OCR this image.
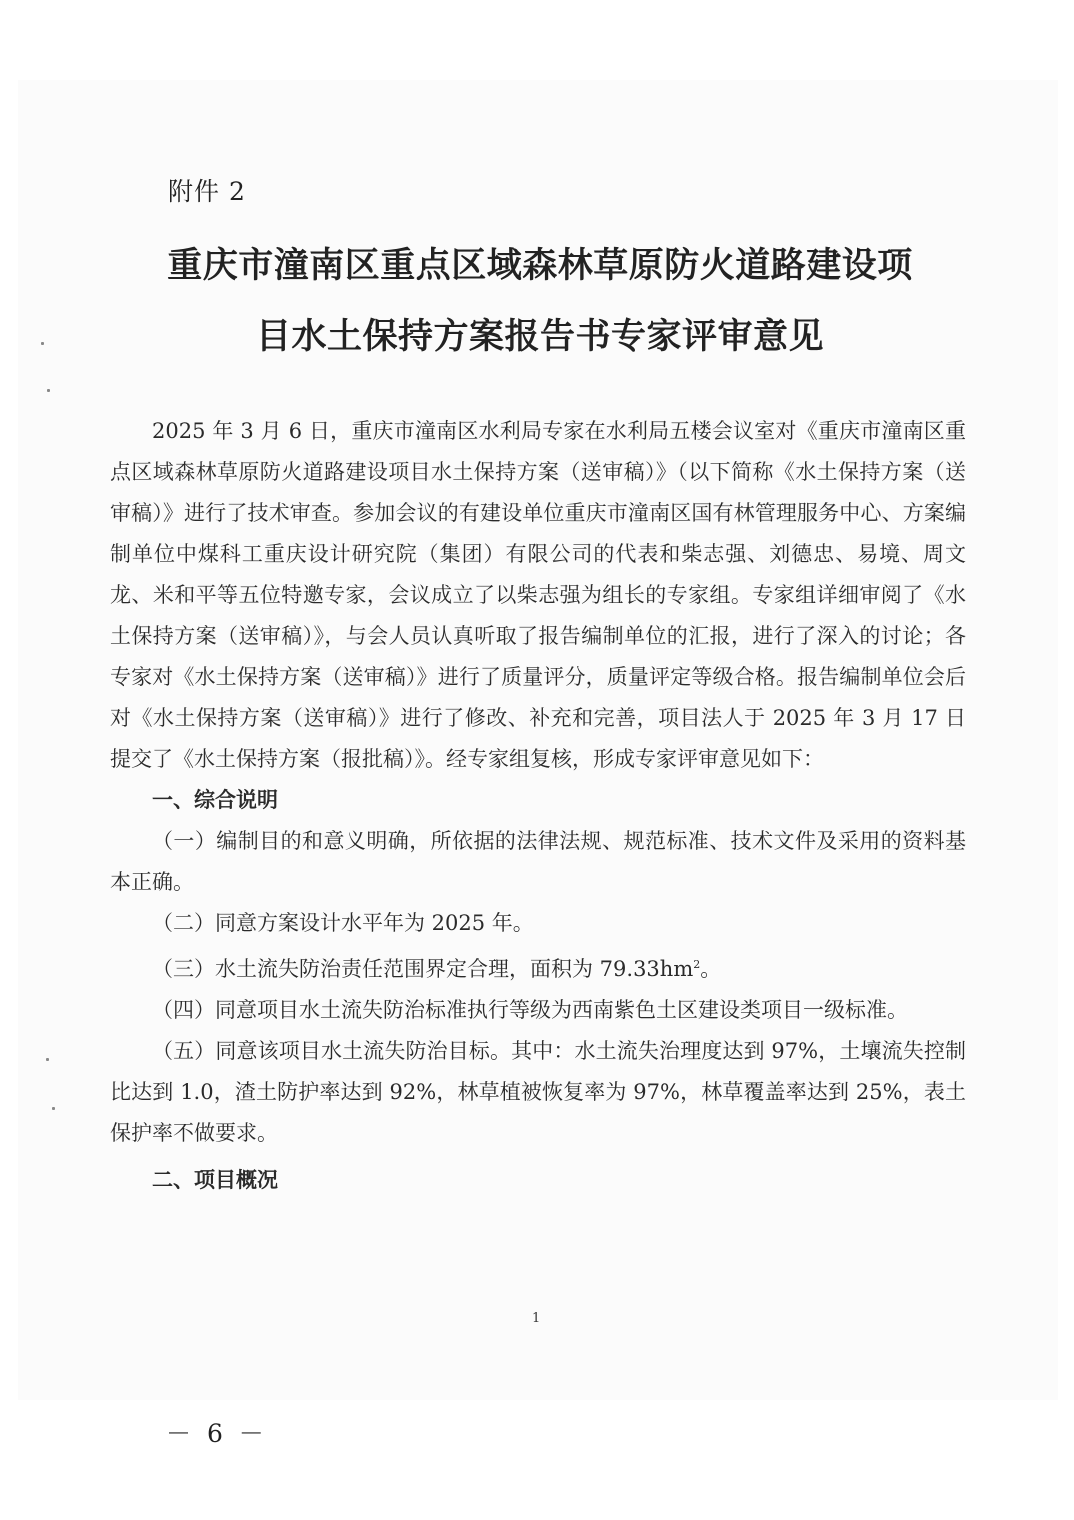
附件 2
重庆市潼南区重点区域森林草原防火道路建设项
目水土保持方案报告书专家评审意见

2025 年 3 月 6 日，重庆市潼南区水利局专家在水利局五楼会议室对《重庆市潼南区重点区域森林草原防火道路建设项目水土保持方案（送审稿）》（以下简称《水土保持方案（送审稿）》进行了技术审查。参加会议的有建设单位重庆市潼南区国有林管理服务中心、方案编制单位中煤科工重庆设计研究院（集团）有限公司的代表和柴志强、刘德忠、易境、周文龙、米和平等五位特邀专家，会议成立了以柴志强为组长的专家组。专家组详细审阅了《水土保持方案（送审稿）》，与会人员认真听取了报告编制单位的汇报，进行了深入的讨论；各专家对《水土保持方案（送审稿）》进行了质量评分，质量评定等级合格。报告编制单位会后对《水土保持方案（送审稿）》进行了修改、补充和完善，项目法人于 2025 年 3 月 17 日提交了《水土保持方案（报批稿）》。经专家组复核，形成专家评审意见如下：

一、综合说明

（一）编制目的和意义明确，所依据的法律法规、规范标准、技术文件及采用的资料基本正确。

（二）同意方案设计水平年为 2025 年。

（三）水土流失防治责任范围界定合理，面积为 $79.33hm^2$。

（四）同意项目水土流失防治标准执行等级为西南紫色土区建设类项目一级标准。

（五）同意该项目水土流失防治目标。其中：水土流失治理度达到 97%，土壤流失控制比达到 1.0，渣土防护率达到 92%，林草植被恢复率为 97%，林草覆盖率达到 25%，表土保护率不做要求。

二、项目概况

1
－ 6 －
